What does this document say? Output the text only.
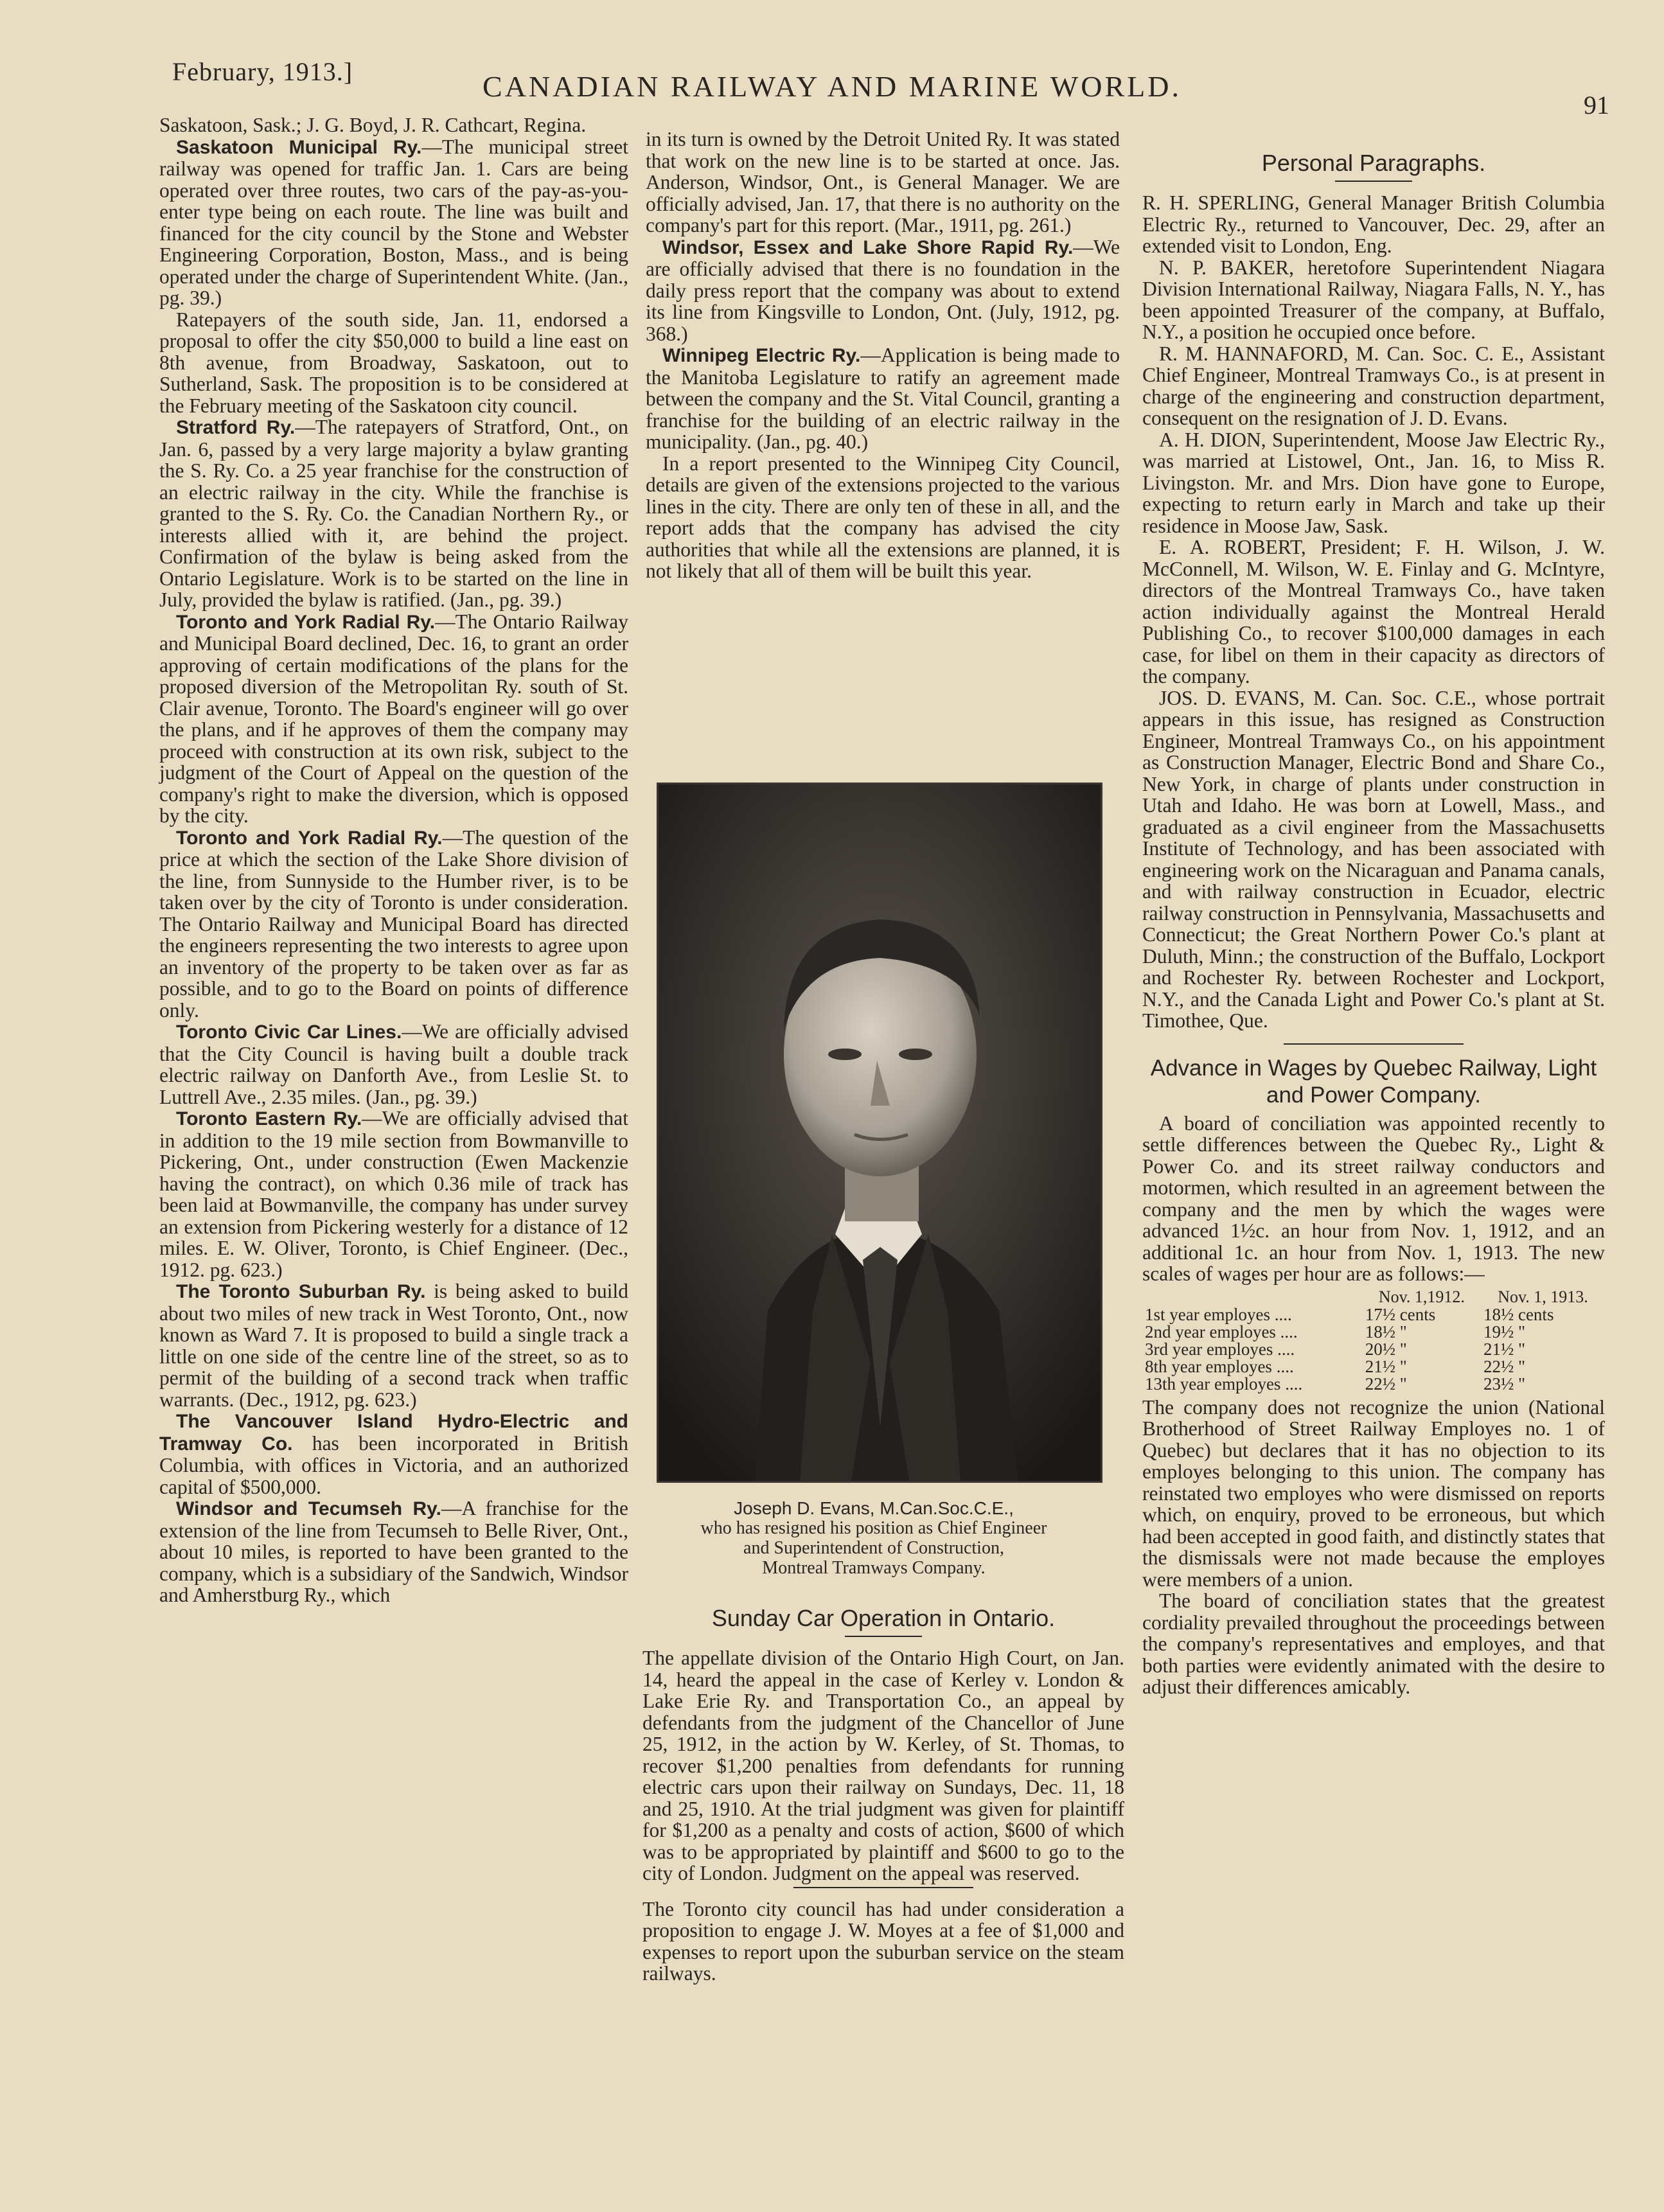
February, 1913.]	CANADIAN RAILWAY AND MARINE WORLD.
91

Saskatoon, Sask.; J. G. Boyd, J. R. Cathcart, Regina.

Saskatoon Municipal Ry.—The municipal street railway was opened for traffic Jan. 1. Cars are being operated over three routes, two cars of the pay-as-you-enter type being on each route. The line was built and financed for the city council by the Stone and Webster Engineering Corporation, Boston, Mass., and is being operated under the charge of Superintendent White. (Jan., pg. 39.)

Ratepayers of the south side, Jan. 11, endorsed a proposal to offer the city $50,000 to build a line east on 8th avenue, from Broadway, Saskatoon, out to Sutherland, Sask. The proposition is to be considered at the February meeting of the Saskatoon city council.

Stratford Ry.—The ratepayers of Stratford, Ont., on Jan. 6, passed by a very large majority a bylaw granting the S. Ry. Co. a 25 year franchise for the construction of an electric railway in the city. While the franchise is granted to the S. Ry. Co. the Canadian Northern Ry., or interests allied with it, are behind the project. Confirmation of the bylaw is being asked from the Ontario Legislature. Work is to be started on the line in July, provided the bylaw is ratified. (Jan., pg. 39.)

Toronto and York Radial Ry.—The Ontario Railway and Municipal Board declined, Dec. 16, to grant an order approving of certain modifications of the plans for the proposed diversion of the Metropolitan Ry. south of St. Clair avenue, Toronto. The Board's engineer will go over the plans, and if he approves of them the company may proceed with construction at its own risk, subject to the judgment of the Court of Appeal on the question of the company's right to make the diversion, which is opposed by the city.

Toronto and York Radial Ry.—The question of the price at which the section of the Lake Shore division of the line, from Sunnyside to the Humber river, is to be taken over by the city of Toronto is under consideration. The Ontario Railway and Municipal Board has directed the engineers representing the two interests to agree upon an inventory of the property to be taken over as far as possible, and to go to the Board on points of difference only.

Toronto Civic Car Lines.—We are officially advised that the City Council is having built a double track electric railway on Danforth Ave., from Leslie St. to Luttrell Ave., 2.35 miles. (Jan., pg. 39.)

Toronto Eastern Ry.—We are officially advised that in addition to the 19 mile section from Bowmanville to Pickering, Ont., under construction (Ewen Mackenzie having the contract), on which 0.36 mile of track has been laid at Bowmanville, the company has under survey an extension from Pickering westerly for a distance of 12 miles. E. W. Oliver, Toronto, is Chief Engineer. (Dec., 1912. pg. 623.)

The Toronto Suburban Ry. is being asked to build about two miles of new track in West Toronto, Ont., now known as Ward 7. It is proposed to build a single track a little on one side of the centre line of the street, so as to permit of the building of a second track when traffic warrants. (Dec., 1912, pg. 623.)

The Vancouver Island Hydro-Electric and Tramway Co. has been incorporated in British Columbia, with offices in Victoria, and an authorized capital of $500,000.

Windsor and Tecumseh Ry.—A franchise for the extension of the line from Tecumseh to Belle River, Ont., about 10 miles, is reported to have been granted to the company, which is a subsidiary of the Sandwich, Windsor and Amherstburg Ry., which

in its turn is owned by the Detroit United Ry. It was stated that work on the new line is to be started at once. Jas. Anderson, Windsor, Ont., is General Manager. We are officially advised, Jan. 17, that there is no authority on the company's part for this report. (Mar., 1911, pg. 261.)

Windsor, Essex and Lake Shore Rapid Ry.—We are officially advised that there is no foundation in the daily press report that the company was about to extend its line from Kingsville to London, Ont. (July, 1912, pg. 368.)

Winnipeg Electric Ry.—Application is being made to the Manitoba Legislature to ratify an agreement made between the company and the St. Vital Council, granting a franchise for the building of an electric railway in the municipality. (Jan., pg. 40.)

In a report presented to the Winnipeg City Council, details are given of the extensions projected to the various lines in the city. There are only ten of these in all, and the report adds that the company has advised the city authorities that while all the extensions are planned, it is not likely that all of them will be built this year.

Joseph D. Evans, M.Can.Soc.C.E.,
who has resigned his position as Chief Engineer
and Superintendent of Construction,
Montreal Tramways Company.
Sunday Car Operation in Ontario.

The appellate division of the Ontario High Court, on Jan. 14, heard the appeal in the case of Kerley v. London & Lake Erie Ry. and Transportation Co., an appeal by defendants from the judgment of the Chancellor of June 25, 1912, in the action by W. Kerley, of St. Thomas, to recover $1,200 penalties from defendants for running electric cars upon their railway on Sundays, Dec. 11, 18 and 25, 1910. At the trial judgment was given for plaintiff for $1,200 as a penalty and costs of action, $600 of which was to be appropriated by plaintiff and $600 to go to the city of London. Judgment on the appeal was reserved.

The Toronto city council has had under consideration a proposition to engage J. W. Moyes at a fee of $1,000 and expenses to report upon the suburban service on the steam railways.

Personal Paragraphs.

R. H. SPERLING, General Manager British Columbia Electric Ry., returned to Vancouver, Dec. 29, after an extended visit to London, Eng.

N. P. BAKER, heretofore Superintendent Niagara Division International Railway, Niagara Falls, N. Y., has been appointed Treasurer of the company, at Buffalo, N.Y., a position he occupied once before.

R. M. HANNAFORD, M. Can. Soc. C. E., Assistant Chief Engineer, Montreal Tramways Co., is at present in charge of the engineering and construction department, consequent on the resignation of J. D. Evans.

A. H. DION, Superintendent, Moose Jaw Electric Ry., was married at Listowel, Ont., Jan. 16, to Miss R. Livingston. Mr. and Mrs. Dion have gone to Europe, expecting to return early in March and take up their residence in Moose Jaw, Sask.

E. A. ROBERT, President; F. H. Wilson, J. W. McConnell, M. Wilson, W. E. Finlay and G. McIntyre, directors of the Montreal Tramways Co., have taken action individually against the Montreal Herald Publishing Co., to recover $100,000 damages in each case, for libel on them in their capacity as directors of the company.

JOS. D. EVANS, M. Can. Soc. C.E., whose portrait appears in this issue, has resigned as Construction Engineer, Montreal Tramways Co., on his appointment as Construction Manager, Electric Bond and Share Co., New York, in charge of plants under construction in Utah and Idaho. He was born at Lowell, Mass., and graduated as a civil engineer from the Massachusetts Institute of Technology, and has been associated with engineering work on the Nicaraguan and Panama canals, and with railway construction in Ecuador, electric railway construction in Pennsylvania, Massachusetts and Connecticut; the Great Northern Power Co.'s plant at Duluth, Minn.; the construction of the Buffalo, Lockport and Rochester Ry. between Rochester and Lockport, N.Y., and the Canada Light and Power Co.'s plant at St. Timothee, Que.

Advance in Wages by Quebec Railway, Light and Power Company.

A board of conciliation was appointed recently to settle differences between the Quebec Ry., Light & Power Co. and its street railway conductors and motormen, which resulted in an agreement between the company and the men by which the wages were advanced 1½c. an hour from Nov. 1, 1912, and an additional 1c. an hour from Nov. 1, 1913. The new scales of wages per hour are as follows:—

	Nov. 1,1912.	Nov. 1, 1913.
1st year employes ....	17½ cents	18½ cents
2nd year employes ....	18½ "	19½ "
3rd year employes ....	20½ "	21½ "
8th year employes ....	21½ "	22½ "
13th year employes ....	22½ "	23½ "

The company does not recognize the union (National Brotherhood of Street Railway Employes no. 1 of Quebec) but declares that it has no objection to its employes belonging to this union. The company has reinstated two employes who were dismissed on reports which, on enquiry, proved to be erroneous, but which had been accepted in good faith, and distinctly states that the dismissals were not made because the employes were members of a union.

The board of conciliation states that the greatest cordiality prevailed throughout the proceedings between the company's representatives and employes, and that both parties were evidently animated with the desire to adjust their differences amicably.
